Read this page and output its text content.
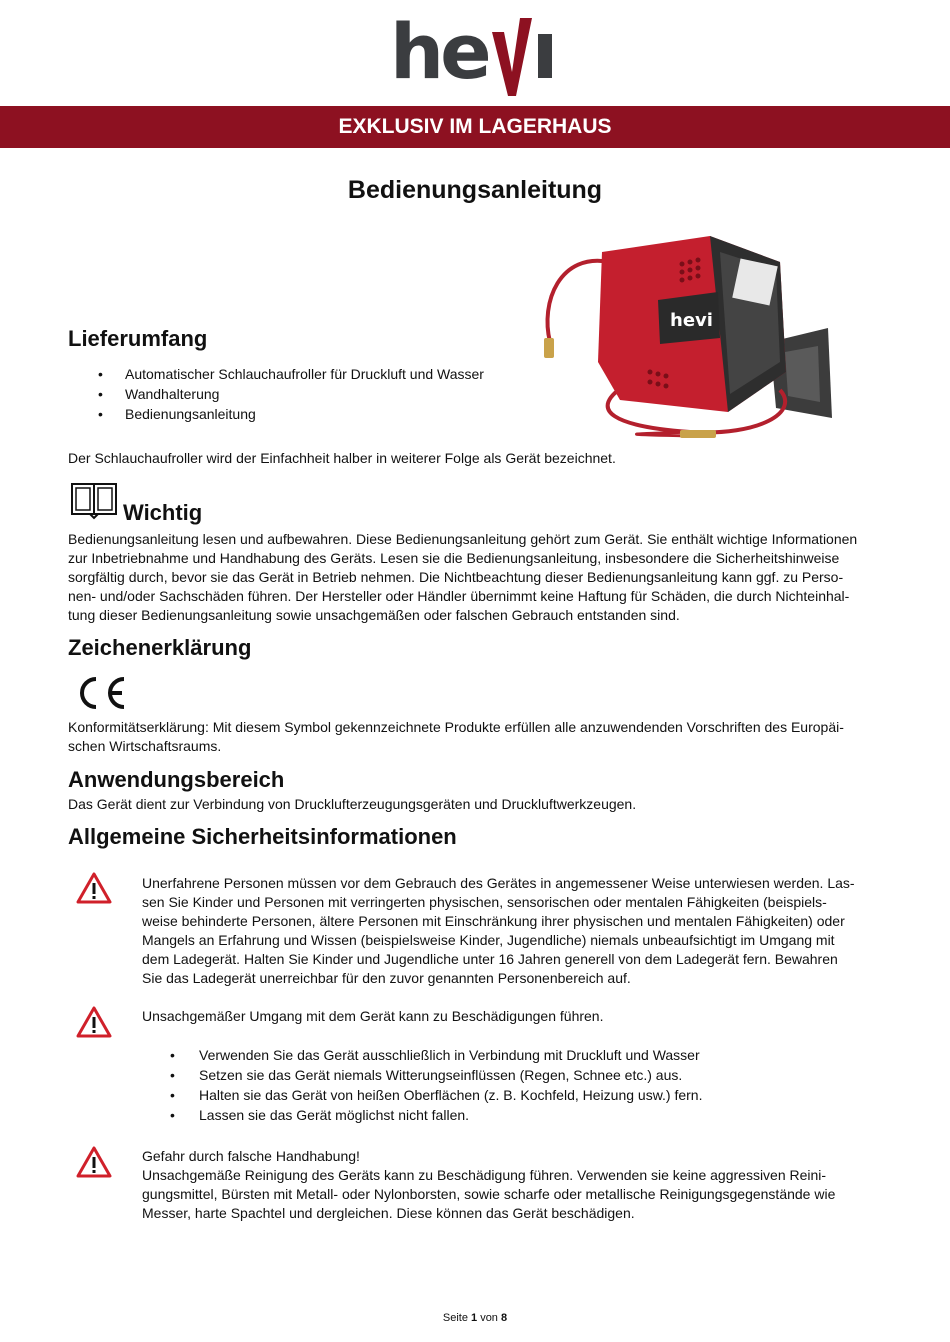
he
EXKLUSIV IM LAGERHAUS
Bedienungsanleitung
hevi
Lieferumfang
• Automatischer Schlauchaufroller für Druckluft und Wasser
• Wandhalterung
• Bedienungsanleitung
Der Schlauchaufroller wird der Einfachheit halber in weiterer Folge als Gerät bezeichnet.
Wichtig
Bedienungsanleitung lesen und aufbewahren. Diese Bedienungsanleitung gehört zum Gerät. Sie enthält wichtige Informationen
zur Inbetriebnahme und Handhabung des Geräts. Lesen sie die Bedienungsanleitung, insbesondere die Sicherheitshinweise
sorgfältig durch, bevor sie das Gerät in Betrieb nehmen. Die Nichtbeachtung dieser Bedienungsanleitung kann ggf. zu Perso-
nen- und/oder Sachschäden führen. Der Hersteller oder Händler übernimmt keine Haftung für Schäden, die durch Nichteinhal-
tung dieser Bedienungsanleitung sowie unsachgemäßen oder falschen Gebrauch entstanden sind.
Zeichenerklärung
Konformitätserklärung: Mit diesem Symbol gekennzeichnete Produkte erfüllen alle anzuwendenden Vorschriften des Europäi-
schen Wirtschaftsraums.
Anwendungsbereich
Das Gerät dient zur Verbindung von Drucklufterzeugungsgeräten und Druckluftwerkzeugen.
Allgemeine Sicherheitsinformationen
Unerfahrene Personen müssen vor dem Gebrauch des Gerätes in angemessener Weise unterwiesen werden. Las-
sen Sie Kinder und Personen mit verringerten physischen, sensorischen oder mentalen Fähigkeiten (beispiels-
weise behinderte Personen, ältere Personen mit Einschränkung ihrer physischen und mentalen Fähigkeiten) oder
Mangels an Erfahrung und Wissen (beispielsweise Kinder, Jugendliche) niemals unbeaufsichtigt im Umgang mit
dem Ladegerät. Halten Sie Kinder und Jugendliche unter 16 Jahren generell von dem Ladegerät fern. Bewahren
Sie das Ladegerät unerreichbar für den zuvor genannten Personenbereich auf.
Unsachgemäßer Umgang mit dem Gerät kann zu Beschädigungen führen.
• Verwenden Sie das Gerät ausschließlich in Verbindung mit Druckluft und Wasser
• Setzen sie das Gerät niemals Witterungseinflüssen (Regen, Schnee etc.) aus.
• Halten sie das Gerät von heißen Oberflächen (z. B. Kochfeld, Heizung usw.) fern.
• Lassen sie das Gerät möglichst nicht fallen.
Gefahr durch falsche Handhabung!
Unsachgemäße Reinigung des Geräts kann zu Beschädigung führen. Verwenden sie keine aggressiven Reini-
gungsmittel, Bürsten mit Metall- oder Nylonborsten, sowie scharfe oder metallische Reinigungsgegenstände wie
Messer, harte Spachtel und dergleichen. Diese können das Gerät beschädigen.
Seite 1 von 8
